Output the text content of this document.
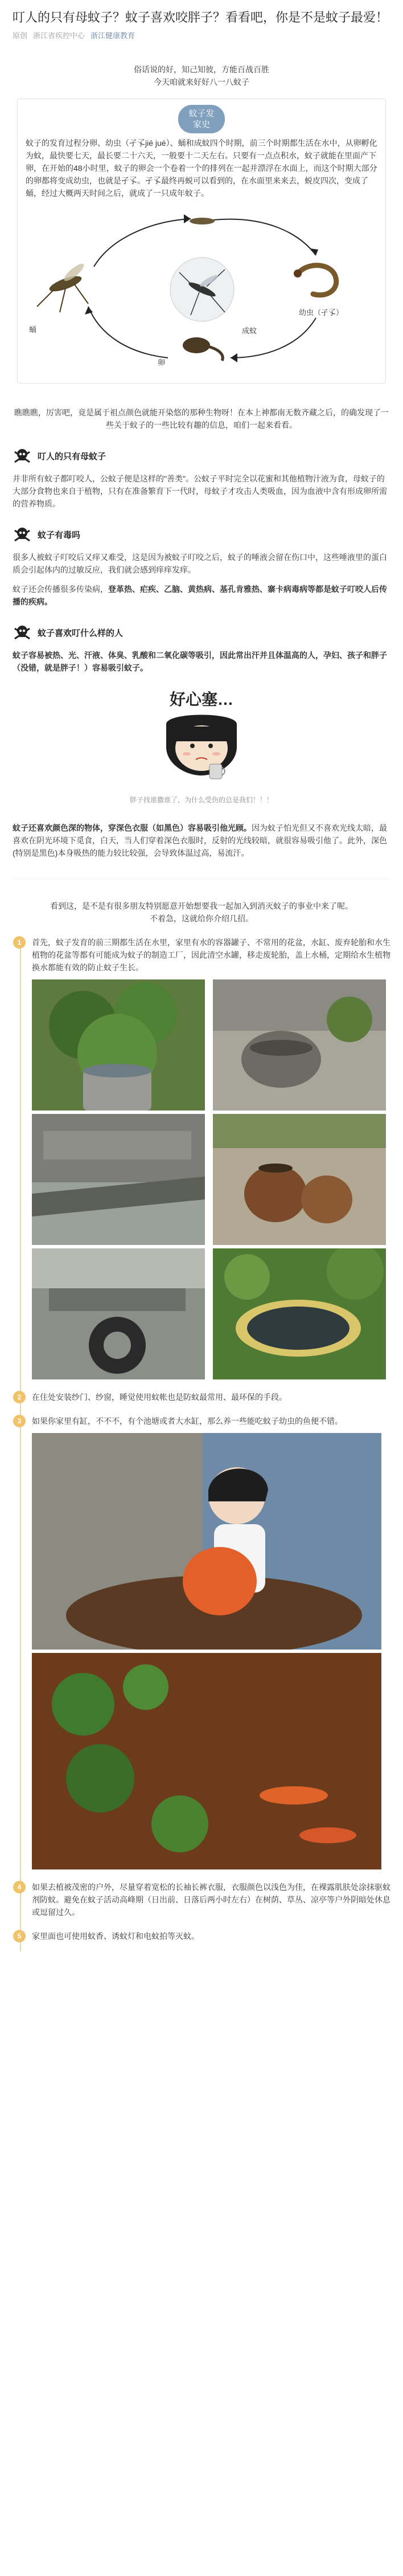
叮人的只有母蚊子？蚊子喜欢咬胖子？看看吧，你是不是蚊子最爱！
原创 浙江省疾控中心 浙江健康教育

俗话说的好，知己知彼，方能百战百胜

今天咱就来好好八一八蚊子

蚊子发
家史

蚊子的发育过程分卵、幼虫（孑孓jié jué）、蛹和成蚊四个时期，前三个时期都生活在水中，从卵孵化为蚊，最快要七天，最长要二十六天，一般要十二天左右。只要有一点点积水，蚊子就能在里面产下卵，在开始的48小时里，蚊子的卵会一个卷着一个的排列在一起并漂浮在水面上，而这个时期大部分的卵都将变成幼虫，也就是孑孓。孑孓最终再蜕可以看到的，在水面里来来去，蜕皮四次，变成了蛹，经过大概两天时间之后，就成了一只成年蚊子。

蛹
幼虫（孑孓）
成蚊
卵

瞧瞧瞧，厉害吧，竟是属于祖点颜色就能开染悠的那种生物呀！在本上神都南无数齐藏之后，的确发现了一些关于蚊子的一些比较有趣的信息，咱们一起来看看。

叮人的只有母蚊子

并非所有蚊子都叮咬人，公蚊子便是这样的"善类"。公蚊子平时完全以花蜜和其他植物汁液为食，母蚊子的大部分食物也来自于植物，只有在准备繁育下一代时，母蚊子才攻击人类吸血，因为血液中含有形成卵所需的营养物质。

蚊子有毒吗

很多人被蚊子叮咬后又痒又难受，这是因为被蚊子叮咬之后，蚊子的唾液会留在伤口中，这些唾液里的蛋白质会引起体内的过敏反应，我们就会感到痒痒发痒。

蚊子还会传播很多传染病，登革热、疟疾、乙脑、黄热病、基孔肯雅热、寨卡病毒病等都是蚊子叮咬人后传播的疾病。

蚊子喜欢叮什么样的人

蚊子容易被热、光、汗液、体臭、乳酸和二氧化碳等吸引，因此常出汗并且体温高的人，孕妇、孩子和胖子（没错，就是胖子！）容易吸引蚊子。

好心塞…

胖子找谁撒谁了，为什么受伤的总是我们！！！

蚊子还喜欢颜色深的物体，穿深色衣服（如黑色）容易吸引他光顾。因为蚊子怕光但又不喜欢光线太暗，最喜欢在阴光环境下觅食，白天，当人们穿着深色衣服时，反射的光线较暗，就很容易吸引他了。此外，深色(特别是黑色)本身吸热的能力较比较强，会导致体温过高，易流汗。

看到这，是不是有很多朋友特别愿意开始想要我一起加入到消灭蚊子的事业中来了呢。

不着急，这就给你介绍几招。

1	首先，蚊子发育的前三期都生活在水里，家里有水的容器罐子、不常用的花盆，水缸、废弃轮胎和水生植物的花盆等都有可能成为蚊子的制造工厂，因此清空水罐，移走废轮胎，盖上水桶，定期给水生植物换水都能有效的防止蚊子生长。

2	在住处安装纱门、纱窗，睡觉使用蚊帐也是防蚊最常用、最环保的手段。

3	如果你家里有缸，不不不，有个池塘或者大水缸，那么养一些能吃蚊子幼虫的鱼便不错。

4	如果去植被茂密的户外，尽量穿着宽松的长袖长裤衣服，衣服颜色以浅色为佳，在裸露肌肤处涂抹驱蚊剂防蚊。避免在蚊子活动高峰期（日出前、日落后两小时左右）在树荫、草丛、凉亭等户外阴暗处休息或逗留过久。

5	家里面也可使用蚊香、诱蚊灯和电蚊拍等灭蚊。
